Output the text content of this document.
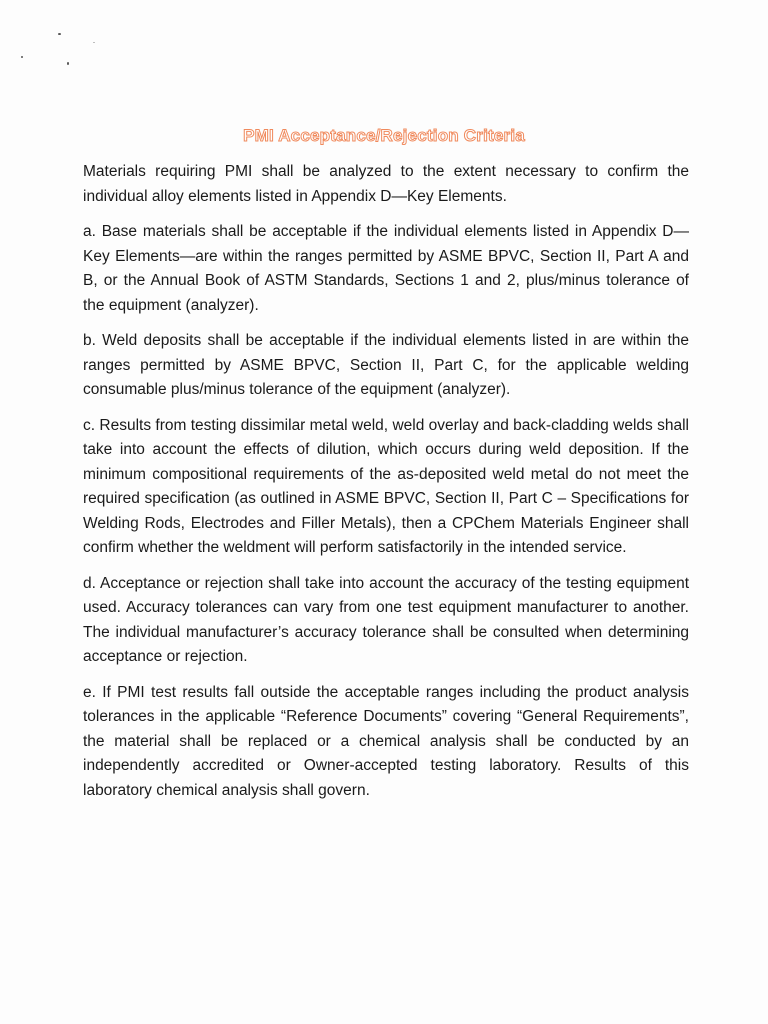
PMI Acceptance/Rejection Criteria

Materials requiring PMI shall be analyzed to the extent necessary to confirm the individual alloy elements listed in Appendix D—Key Elements.

a. Base materials shall be acceptable if the individual elements listed in Appendix D—Key Elements—are within the ranges permitted by ASME BPVC, Section II, Part A and B, or the Annual Book of ASTM Standards, Sections 1 and 2, plus/minus tolerance of the equipment (analyzer).

b. Weld deposits shall be acceptable if the individual elements listed in are within the ranges permitted by ASME BPVC, Section II, Part C, for the applicable welding consumable plus/minus tolerance of the equipment (analyzer).

c. Results from testing dissimilar metal weld, weld overlay and back-cladding welds shall take into account the effects of dilution, which occurs during weld deposition. If the minimum compositional requirements of the as-deposited weld metal do not meet the required specification (as outlined in ASME BPVC, Section II, Part C – Specifications for Welding Rods, Electrodes and Filler Metals), then a CPChem Materials Engineer shall confirm whether the weldment will perform satisfactorily in the intended service.

d. Acceptance or rejection shall take into account the accuracy of the testing equipment used. Accuracy tolerances can vary from one test equipment manufacturer to another. The individual manufacturer’s accuracy tolerance shall be consulted when determining acceptance or rejection.

e. If PMI test results fall outside the acceptable ranges including the product analysis tolerances in the applicable “Reference Documents” covering “General Requirements”, the material shall be replaced or a chemical analysis shall be conducted by an independently accredited or Owner-accepted testing laboratory. Results of this laboratory chemical analysis shall govern.
